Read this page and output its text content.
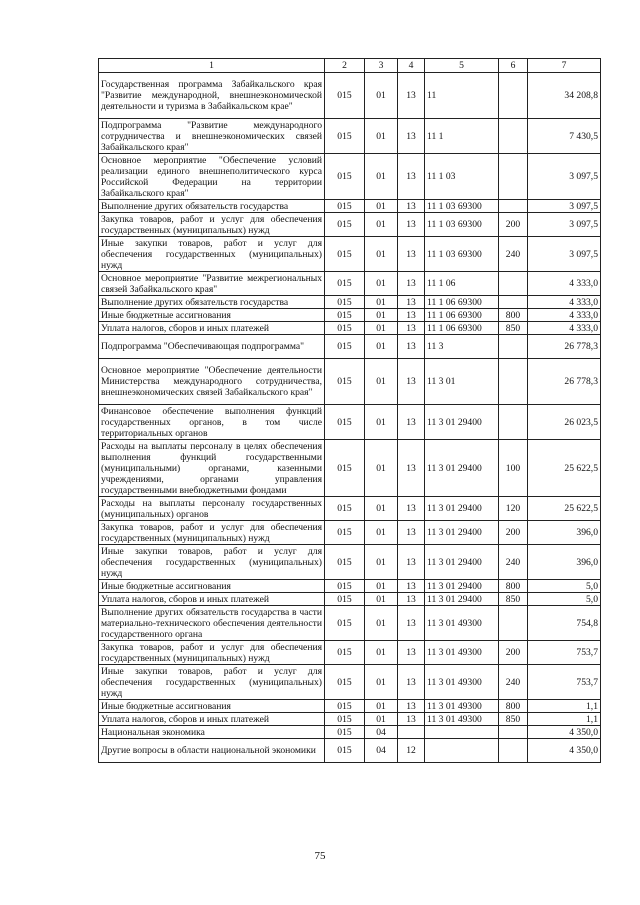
1	2	3	4	5	6	7
Государственная программа Забайкальского края "Развитие международной, внешнеэкономической деятельности и туризма в Забайкальском крае"	015	01	13	11		34 208,8
Подпрограмма "Развитие международного сотрудничества и внешнеэкономических связей Забайкальского края"	015	01	13	11 1		7 430,5
Основное мероприятие "Обеспечение условий реализации единого внешнеполитического курса Российской Федерации на территории Забайкальского края"	015	01	13	11 1 03		3 097,5
Выполнение других обязательств государства	015	01	13	11 1 03 69300		3 097,5
Закупка товаров, работ и услуг для обеспечения государственных (муниципальных) нужд	015	01	13	11 1 03 69300	200	3 097,5
Иные закупки товаров, работ и услуг для обеспечения государственных (муниципальных) нужд	015	01	13	11 1 03 69300	240	3 097,5
Основное мероприятие "Развитие межрегиональных связей Забайкальского края"	015	01	13	11 1 06		4 333,0
Выполнение других обязательств государства	015	01	13	11 1 06 69300		4 333,0
Иные бюджетные ассигнования	015	01	13	11 1 06 69300	800	4 333,0
Уплата налогов, сборов и иных платежей	015	01	13	11 1 06 69300	850	4 333,0
Подпрограмма "Обеспечивающая подпрограмма"	015	01	13	11 3		26 778,3
Основное мероприятие "Обеспечение деятельности Министерства международного сотрудничества, внешнеэкономических связей Забайкальского края"	015	01	13	11 3 01		26 778,3
Финансовое обеспечение выполнения функций государственных органов, в том числе территориальных органов	015	01	13	11 3 01 29400		26 023,5
Расходы на выплаты персоналу в целях обеспечения выполнения функций государственными (муниципальными) органами, казенными учреждениями, органами управления государственными внебюджетными фондами	015	01	13	11 3 01 29400	100	25 622,5
Расходы на выплаты персоналу государственных (муниципальных) органов	015	01	13	11 3 01 29400	120	25 622,5
Закупка товаров, работ и услуг для обеспечения государственных (муниципальных) нужд	015	01	13	11 3 01 29400	200	396,0
Иные закупки товаров, работ и услуг для обеспечения государственных (муниципальных) нужд	015	01	13	11 3 01 29400	240	396,0
Иные бюджетные ассигнования	015	01	13	11 3 01 29400	800	5,0
Уплата налогов, сборов и иных платежей	015	01	13	11 3 01 29400	850	5,0
Выполнение других обязательств государства в части материально-технического обеспечения деятельности государственного органа	015	01	13	11 3 01 49300		754,8
Закупка товаров, работ и услуг для обеспечения государственных (муниципальных) нужд	015	01	13	11 3 01 49300	200	753,7
Иные закупки товаров, работ и услуг для обеспечения государственных (муниципальных) нужд	015	01	13	11 3 01 49300	240	753,7
Иные бюджетные ассигнования	015	01	13	11 3 01 49300	800	1,1
Уплата налогов, сборов и иных платежей	015	01	13	11 3 01 49300	850	1,1
Национальная экономика	015	04				4 350,0
Другие вопросы в области национальной экономики	015	04	12			4 350,0
75
